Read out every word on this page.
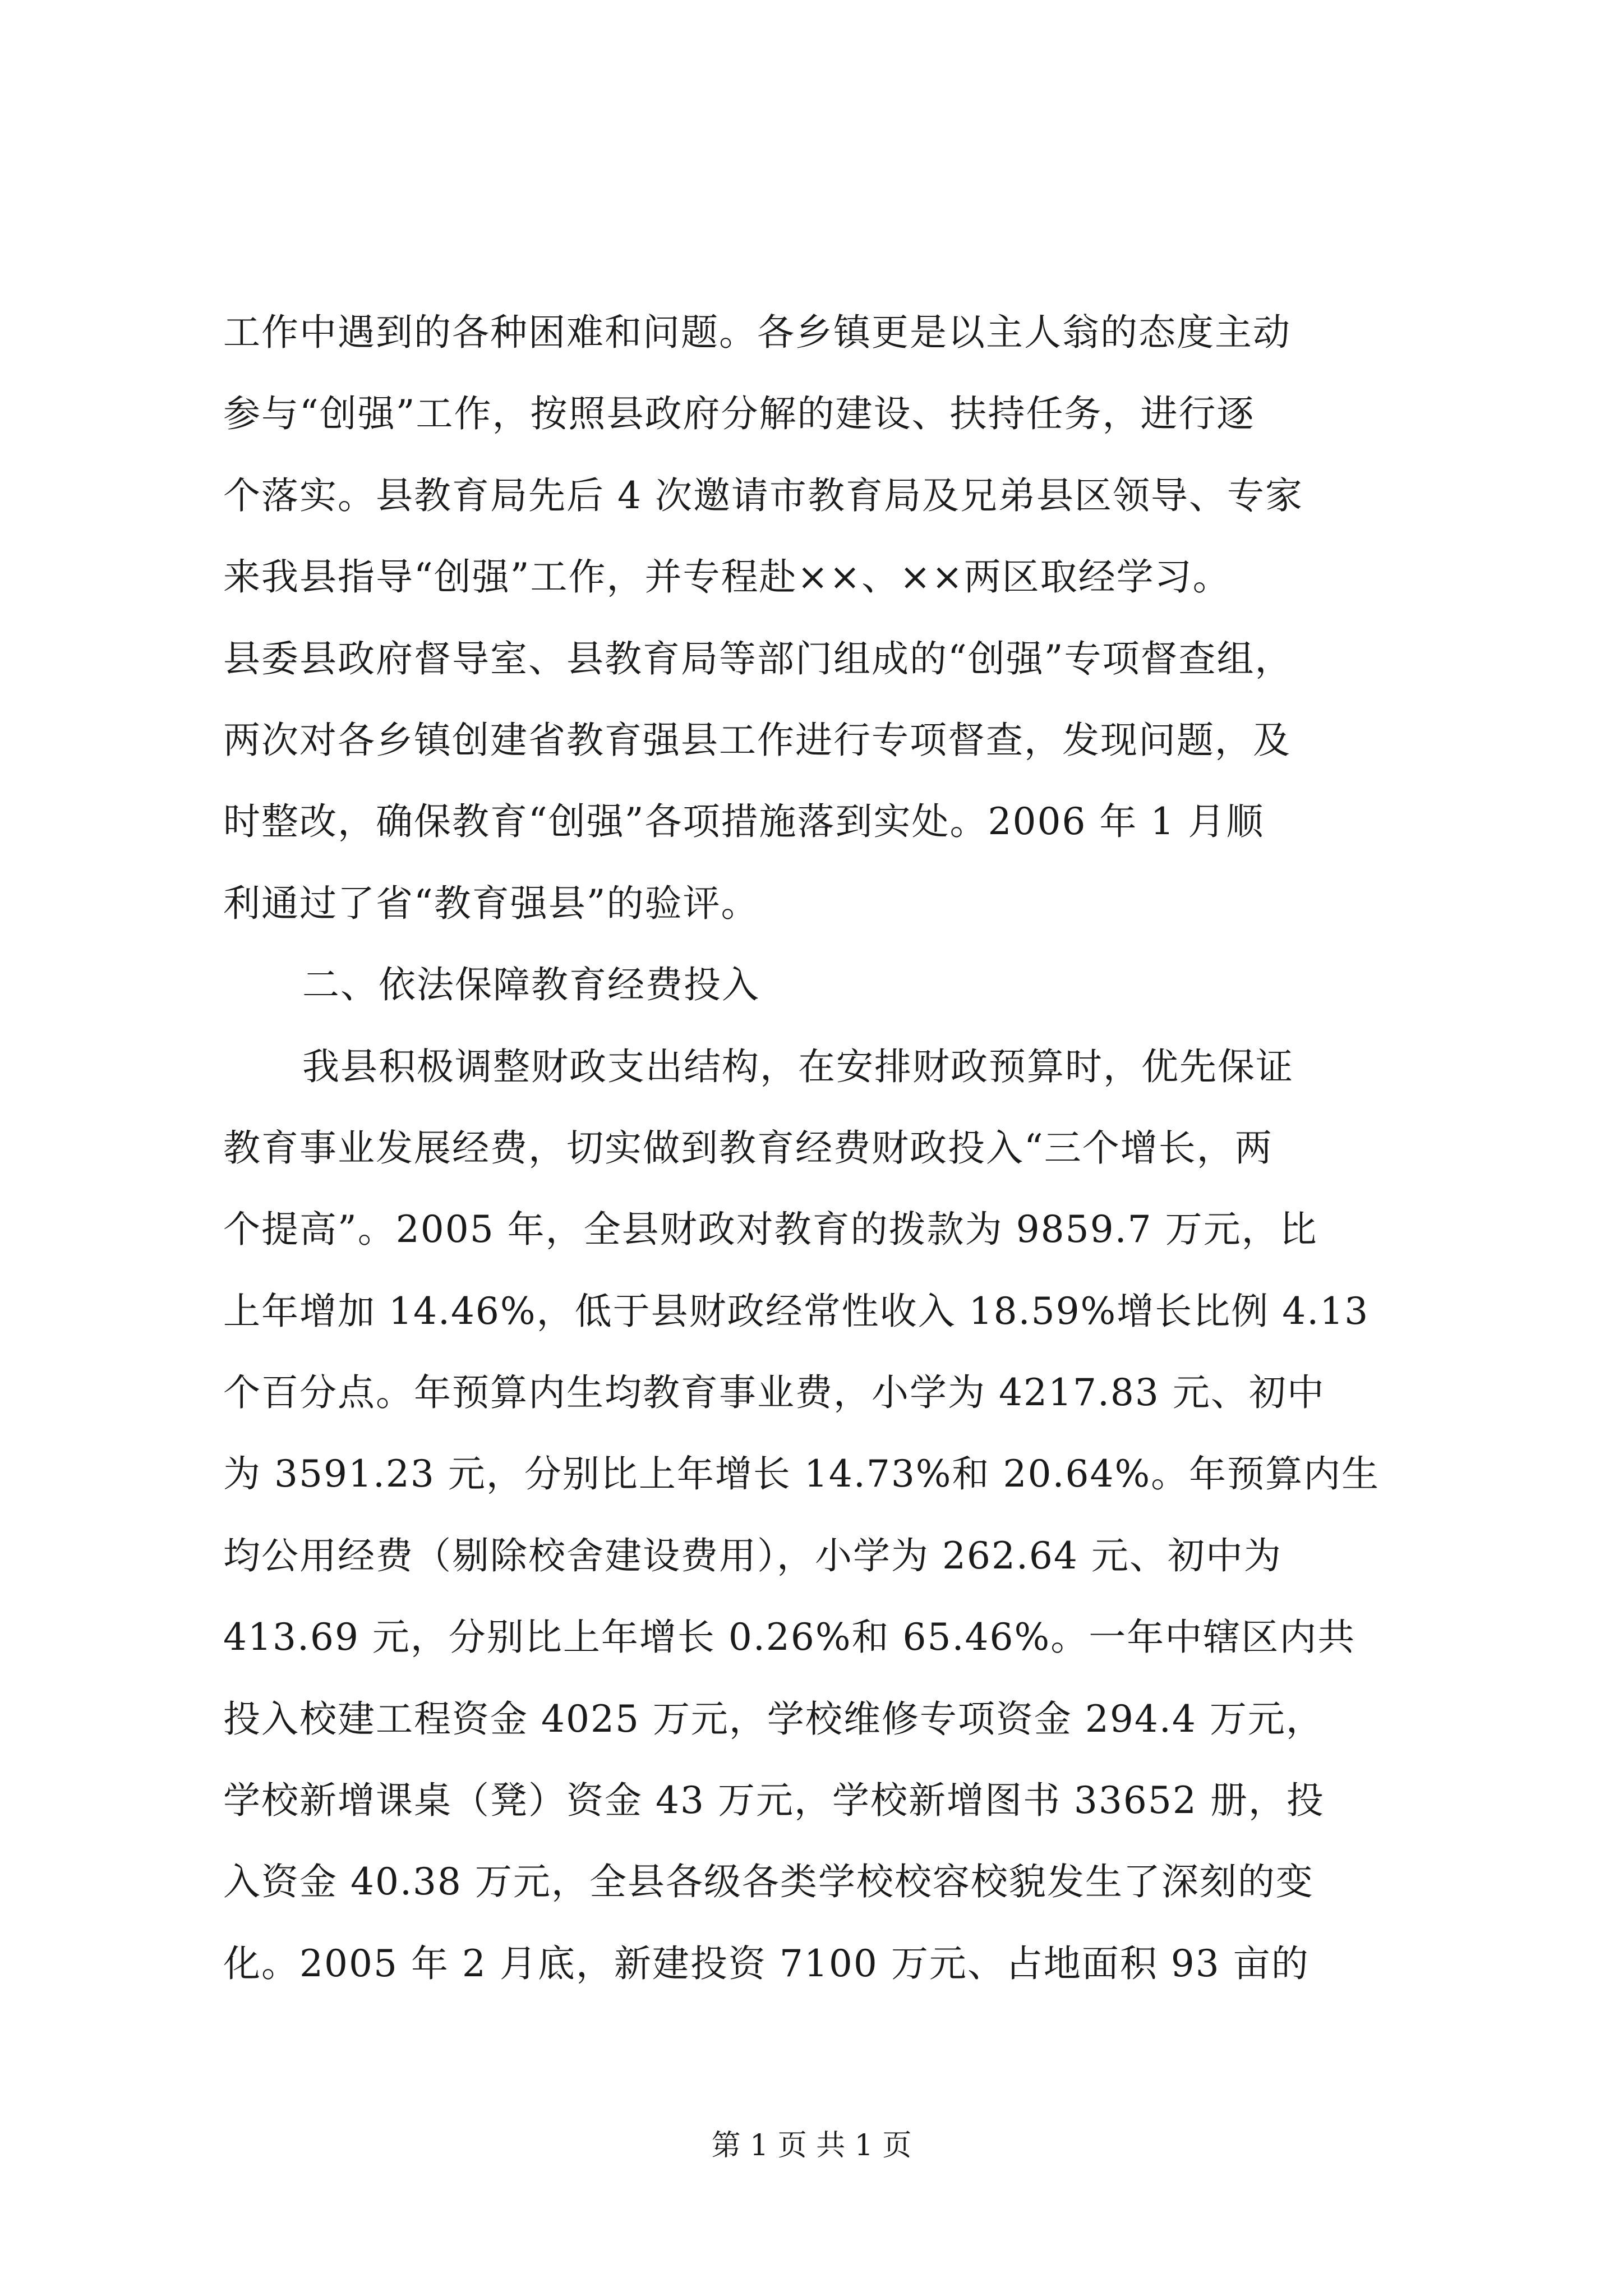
工作中遇到的各种困难和问题。各乡镇更是以主人翁的态度主动
参与“创强”工作，按照县政府分解的建设、扶持任务，进行逐
个落实。县教育局先后 4 次邀请市教育局及兄弟县区领导、专家
来我县指导“创强”工作，并专程赴××、××两区取经学习。
县委县政府督导室、县教育局等部门组成的“创强”专项督查组，
两次对各乡镇创建省教育强县工作进行专项督查，发现问题，及
时整改，确保教育“创强”各项措施落到实处。2006 年 1 月顺
利通过了省“教育强县”的验评。
二、依法保障教育经费投入
我县积极调整财政支出结构，在安排财政预算时，优先保证
教育事业发展经费，切实做到教育经费财政投入“三个增长，两
个提高”。2005 年，全县财政对教育的拨款为 9859.7 万元，比
上年增加 14.46%，低于县财政经常性收入 18.59%增长比例 4.13
个百分点。年预算内生均教育事业费，小学为 4217.83 元、初中
为 3591.23 元，分别比上年增长 14.73%和 20.64%。年预算内生
均公用经费（剔除校舍建设费用），小学为 262.64 元、初中为
413.69 元，分别比上年增长 0.26%和 65.46%。一年中辖区内共
投入校建工程资金 4025 万元，学校维修专项资金 294.4 万元，
学校新增课桌（凳）资金 43 万元，学校新增图书 33652 册，投
入资金 40.38 万元，全县各级各类学校校容校貌发生了深刻的变
化。2005 年 2 月底，新建投资 7100 万元、占地面积 93 亩的
第 1 页 共 1 页
